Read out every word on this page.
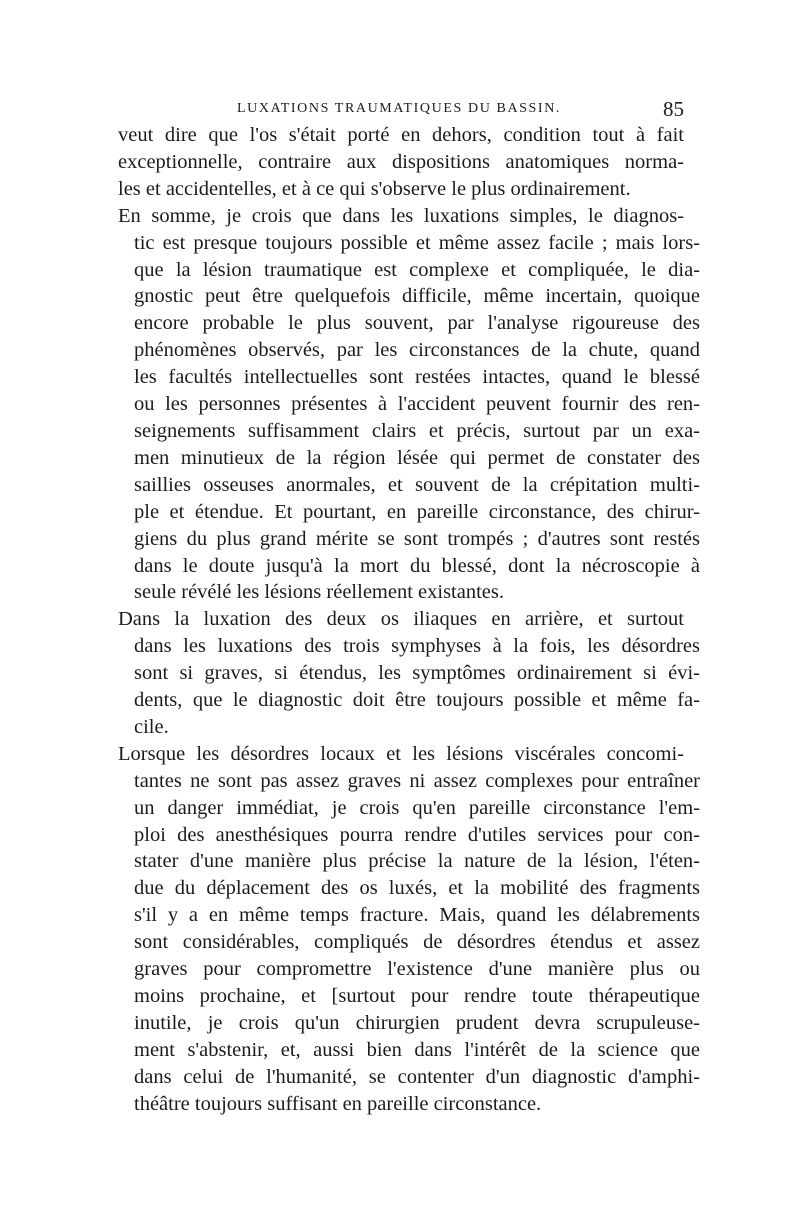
LUXATIONS TRAUMATIQUES DU BASSIN.	85

veut dire que l'os s'était porté en dehors, condition tout à fait
exceptionnelle, contraire aux dispositions anatomiques norma-
les et accidentelles, et à ce qui s'observe le plus ordinairement.

En somme, je crois que dans les luxations simples, le diagnos-
tic est presque toujours possible et même assez facile ; mais lors-
que la lésion traumatique est complexe et compliquée, le dia-
gnostic peut être quelquefois difficile, même incertain, quoique
encore probable le plus souvent, par l'analyse rigoureuse des
phénomènes observés, par les circonstances de la chute, quand
les facultés intellectuelles sont restées intactes, quand le blessé
ou les personnes présentes à l'accident peuvent fournir des ren-
seignements suffisamment clairs et précis, surtout par un exa-
men minutieux de la région lésée qui permet de constater des
saillies osseuses anormales, et souvent de la crépitation multi-
ple et étendue. Et pourtant, en pareille circonstance, des chirur-
giens du plus grand mérite se sont trompés ; d'autres sont restés
dans le doute jusqu'à la mort du blessé, dont la nécroscopie à
seule révélé les lésions réellement existantes.

Dans la luxation des deux os iliaques en arrière, et surtout
dans les luxations des trois symphyses à la fois, les désordres
sont si graves, si étendus, les symptômes ordinairement si évi-
dents, que le diagnostic doit être toujours possible et même fa-
cile.

Lorsque les désordres locaux et les lésions viscérales concomi-
tantes ne sont pas assez graves ni assez complexes pour entraîner
un danger immédiat, je crois qu'en pareille circonstance l'em-
ploi des anesthésiques pourra rendre d'utiles services pour con-
stater d'une manière plus précise la nature de la lésion, l'éten-
due du déplacement des os luxés, et la mobilité des fragments
s'il y a en même temps fracture. Mais, quand les délabrements
sont considérables, compliqués de désordres étendus et assez
graves pour compromettre l'existence d'une manière plus ou
moins prochaine, et [surtout pour rendre toute thérapeutique
inutile, je crois qu'un chirurgien prudent devra scrupuleuse-
ment s'abstenir, et, aussi bien dans l'intérêt de la science que
dans celui de l'humanité, se contenter d'un diagnostic d'amphi-
théâtre toujours suffisant en pareille circonstance.
